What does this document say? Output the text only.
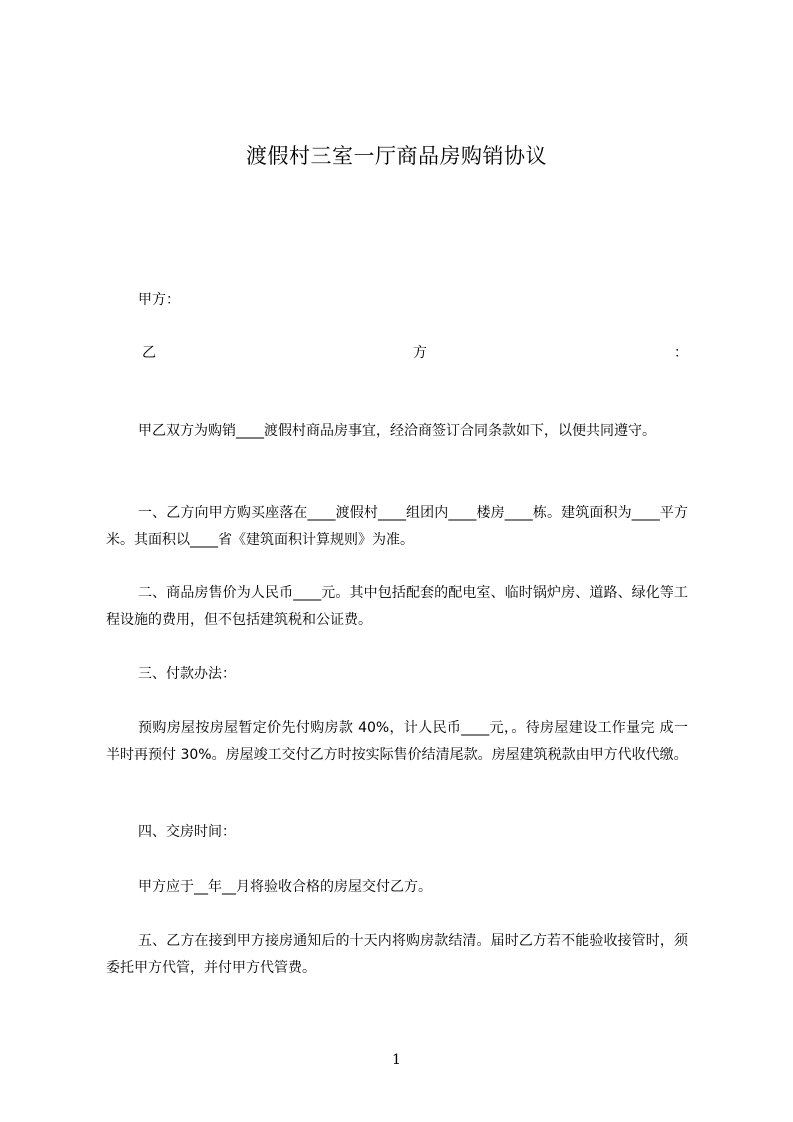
渡假村三室一厅商品房购销协议
甲方：
乙	方	：
甲乙双方为购销____渡假村商品房事宜，经洽商签订合同条款如下，以便共同遵守。
一、乙方向甲方购买座落在____渡假村____组团内____楼房____栋。建筑面积为____平方米。其面积以____省《建筑面积计算规则》为准。
二、商品房售价为人民币____元。其中包括配套的配电室、临时锅炉房、道路、绿化等工程设施的费用，但不包括建筑税和公证费。
三、付款办法：
预购房屋按房屋暂定价先付购房款 40%，计人民币____元，。待房屋建设工作量完 成一半时再预付 30%。房屋竣工交付乙方时按实际售价结清尾款。房屋建筑税款由甲方代收代缴。
四、交房时间：
甲方应于__年__月将验收合格的房屋交付乙方。
五、乙方在接到甲方接房通知后的十天内将购房款结清。届时乙方若不能验收接管时，须委托甲方代管，并付甲方代管费。
1
